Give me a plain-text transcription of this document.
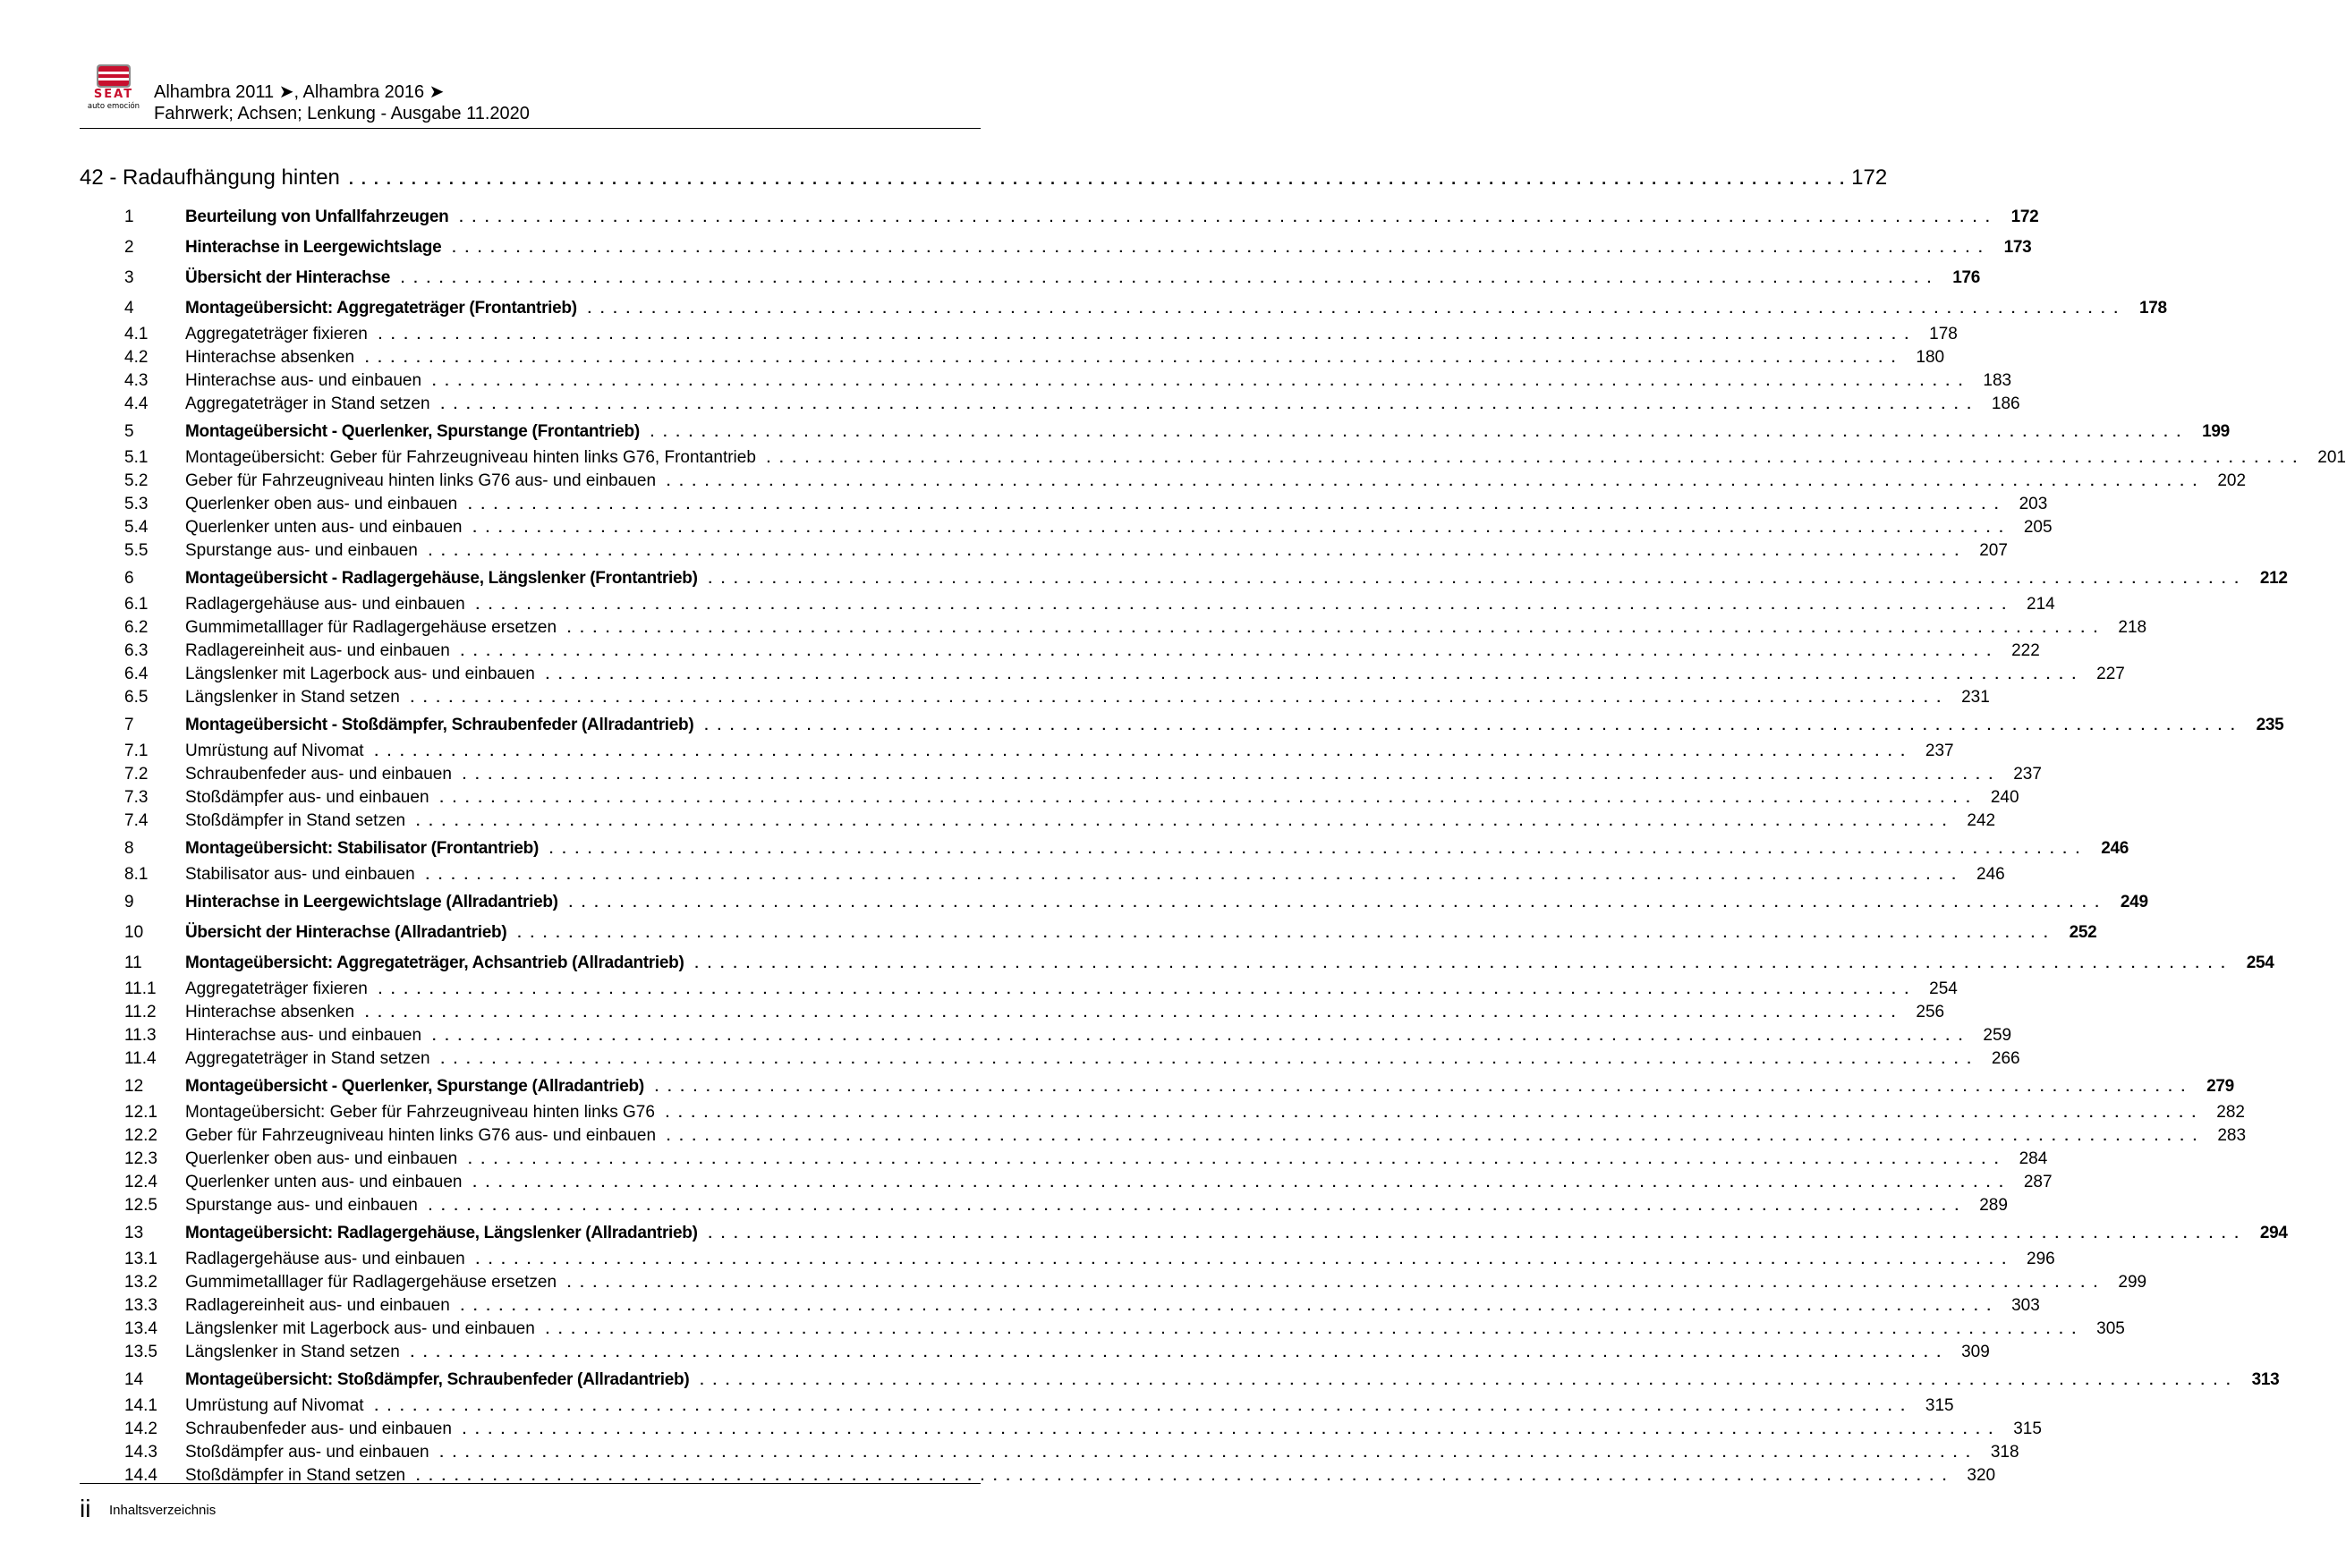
SEAT
auto emoción
Alhambra 2011 ➤, Alhambra 2016 ➤
Fahrwerk; Achsen; Lenkung - Ausgabe 11.2020
42 - Radaufhängung hinten . . . . . . . . . . . . . . . . . . . . . . . . . . . . . . . . . . . . . . . . . . . . . . . . . . . . . . . . . . . . . . . . . . . . . . . . . . . . . . . . . . . . . . . . . . . . . . . . . . . . . . . . . . . . . . . . . . . . . . . . 172
1	Beurteilung von Unfallfahrzeugen . . . . . . . . . . . . . . . . . . . . . . . . . . . . . . . . . . . . . . . . . . . . . . . . . . . . . . . . . . . . . . . . . . . . . . . . . . . . . . . . . . . . . . . . . . . . . . . . . . . . . . . . . . . . . . . . . . . . . . . . 172
2	Hinterachse in Leergewichtslage . . . . . . . . . . . . . . . . . . . . . . . . . . . . . . . . . . . . . . . . . . . . . . . . . . . . . . . . . . . . . . . . . . . . . . . . . . . . . . . . . . . . . . . . . . . . . . . . . . . . . . . . . . . . . . . . . . . . . . . . 173
3	Übersicht der Hinterachse . . . . . . . . . . . . . . . . . . . . . . . . . . . . . . . . . . . . . . . . . . . . . . . . . . . . . . . . . . . . . . . . . . . . . . . . . . . . . . . . . . . . . . . . . . . . . . . . . . . . . . . . . . . . . . . . . . . . . . . . 176
4	Montageübersicht: Aggregateträger (Frontantrieb) . . . . . . . . . . . . . . . . . . . . . . . . . . . . . . . . . . . . . . . . . . . . . . . . . . . . . . . . . . . . . . . . . . . . . . . . . . . . . . . . . . . . . . . . . . . . . . . . . . . . . . . . . . . . . . . . . . . . . . . . 178
4.1	Aggregateträger fixieren . . . . . . . . . . . . . . . . . . . . . . . . . . . . . . . . . . . . . . . . . . . . . . . . . . . . . . . . . . . . . . . . . . . . . . . . . . . . . . . . . . . . . . . . . . . . . . . . . . . . . . . . . . . . . . . . . . . . . . . . 178
4.2	Hinterachse absenken . . . . . . . . . . . . . . . . . . . . . . . . . . . . . . . . . . . . . . . . . . . . . . . . . . . . . . . . . . . . . . . . . . . . . . . . . . . . . . . . . . . . . . . . . . . . . . . . . . . . . . . . . . . . . . . . . . . . . . . . 180
4.3	Hinterachse aus- und einbauen . . . . . . . . . . . . . . . . . . . . . . . . . . . . . . . . . . . . . . . . . . . . . . . . . . . . . . . . . . . . . . . . . . . . . . . . . . . . . . . . . . . . . . . . . . . . . . . . . . . . . . . . . . . . . . . . . . . . . . . . 183
4.4	Aggregateträger in Stand setzen . . . . . . . . . . . . . . . . . . . . . . . . . . . . . . . . . . . . . . . . . . . . . . . . . . . . . . . . . . . . . . . . . . . . . . . . . . . . . . . . . . . . . . . . . . . . . . . . . . . . . . . . . . . . . . . . . . . . . . . . 186
5	Montageübersicht - Querlenker, Spurstange (Frontantrieb) . . . . . . . . . . . . . . . . . . . . . . . . . . . . . . . . . . . . . . . . . . . . . . . . . . . . . . . . . . . . . . . . . . . . . . . . . . . . . . . . . . . . . . . . . . . . . . . . . . . . . . . . . . . . . . . . . . . . . . . . 199
5.1	Montageübersicht: Geber für Fahrzeugniveau hinten links G76, Frontantrieb . . . . . . . . . . . . . . . . . . . . . . . . . . . . . . . . . . . . . . . . . . . . . . . . . . . . . . . . . . . . . . . . . . . . . . . . . . . . . . . . . . . . . . . . . . . . . . . . . . . . . . . . . . . . . . . . . . . . . . . . 201
5.2	Geber für Fahrzeugniveau hinten links G76 aus- und einbauen . . . . . . . . . . . . . . . . . . . . . . . . . . . . . . . . . . . . . . . . . . . . . . . . . . . . . . . . . . . . . . . . . . . . . . . . . . . . . . . . . . . . . . . . . . . . . . . . . . . . . . . . . . . . . . . . . . . . . . . . 202
5.3	Querlenker oben aus- und einbauen . . . . . . . . . . . . . . . . . . . . . . . . . . . . . . . . . . . . . . . . . . . . . . . . . . . . . . . . . . . . . . . . . . . . . . . . . . . . . . . . . . . . . . . . . . . . . . . . . . . . . . . . . . . . . . . . . . . . . . . . 203
5.4	Querlenker unten aus- und einbauen . . . . . . . . . . . . . . . . . . . . . . . . . . . . . . . . . . . . . . . . . . . . . . . . . . . . . . . . . . . . . . . . . . . . . . . . . . . . . . . . . . . . . . . . . . . . . . . . . . . . . . . . . . . . . . . . . . . . . . . . 205
5.5	Spurstange aus- und einbauen . . . . . . . . . . . . . . . . . . . . . . . . . . . . . . . . . . . . . . . . . . . . . . . . . . . . . . . . . . . . . . . . . . . . . . . . . . . . . . . . . . . . . . . . . . . . . . . . . . . . . . . . . . . . . . . . . . . . . . . . 207
6	Montageübersicht - Radlagergehäuse, Längslenker (Frontantrieb) . . . . . . . . . . . . . . . . . . . . . . . . . . . . . . . . . . . . . . . . . . . . . . . . . . . . . . . . . . . . . . . . . . . . . . . . . . . . . . . . . . . . . . . . . . . . . . . . . . . . . . . . . . . . . . . . . . . . . . . . 212
6.1	Radlagergehäuse aus- und einbauen . . . . . . . . . . . . . . . . . . . . . . . . . . . . . . . . . . . . . . . . . . . . . . . . . . . . . . . . . . . . . . . . . . . . . . . . . . . . . . . . . . . . . . . . . . . . . . . . . . . . . . . . . . . . . . . . . . . . . . . . 214
6.2	Gummimetalllager für Radlagergehäuse ersetzen . . . . . . . . . . . . . . . . . . . . . . . . . . . . . . . . . . . . . . . . . . . . . . . . . . . . . . . . . . . . . . . . . . . . . . . . . . . . . . . . . . . . . . . . . . . . . . . . . . . . . . . . . . . . . . . . . . . . . . . . 218
6.3	Radlagereinheit aus- und einbauen . . . . . . . . . . . . . . . . . . . . . . . . . . . . . . . . . . . . . . . . . . . . . . . . . . . . . . . . . . . . . . . . . . . . . . . . . . . . . . . . . . . . . . . . . . . . . . . . . . . . . . . . . . . . . . . . . . . . . . . . 222
6.4	Längslenker mit Lagerbock aus- und einbauen . . . . . . . . . . . . . . . . . . . . . . . . . . . . . . . . . . . . . . . . . . . . . . . . . . . . . . . . . . . . . . . . . . . . . . . . . . . . . . . . . . . . . . . . . . . . . . . . . . . . . . . . . . . . . . . . . . . . . . . . 227
6.5	Längslenker in Stand setzen . . . . . . . . . . . . . . . . . . . . . . . . . . . . . . . . . . . . . . . . . . . . . . . . . . . . . . . . . . . . . . . . . . . . . . . . . . . . . . . . . . . . . . . . . . . . . . . . . . . . . . . . . . . . . . . . . . . . . . . . 231
7	Montageübersicht - Stoßdämpfer, Schraubenfeder (Allradantrieb) . . . . . . . . . . . . . . . . . . . . . . . . . . . . . . . . . . . . . . . . . . . . . . . . . . . . . . . . . . . . . . . . . . . . . . . . . . . . . . . . . . . . . . . . . . . . . . . . . . . . . . . . . . . . . . . . . . . . . . . . 235
7.1	Umrüstung auf Nivomat . . . . . . . . . . . . . . . . . . . . . . . . . . . . . . . . . . . . . . . . . . . . . . . . . . . . . . . . . . . . . . . . . . . . . . . . . . . . . . . . . . . . . . . . . . . . . . . . . . . . . . . . . . . . . . . . . . . . . . . . 237
7.2	Schraubenfeder aus- und einbauen . . . . . . . . . . . . . . . . . . . . . . . . . . . . . . . . . . . . . . . . . . . . . . . . . . . . . . . . . . . . . . . . . . . . . . . . . . . . . . . . . . . . . . . . . . . . . . . . . . . . . . . . . . . . . . . . . . . . . . . . 237
7.3	Stoßdämpfer aus- und einbauen . . . . . . . . . . . . . . . . . . . . . . . . . . . . . . . . . . . . . . . . . . . . . . . . . . . . . . . . . . . . . . . . . . . . . . . . . . . . . . . . . . . . . . . . . . . . . . . . . . . . . . . . . . . . . . . . . . . . . . . . 240
7.4	Stoßdämpfer in Stand setzen . . . . . . . . . . . . . . . . . . . . . . . . . . . . . . . . . . . . . . . . . . . . . . . . . . . . . . . . . . . . . . . . . . . . . . . . . . . . . . . . . . . . . . . . . . . . . . . . . . . . . . . . . . . . . . . . . . . . . . . . 242
8	Montageübersicht: Stabilisator (Frontantrieb) . . . . . . . . . . . . . . . . . . . . . . . . . . . . . . . . . . . . . . . . . . . . . . . . . . . . . . . . . . . . . . . . . . . . . . . . . . . . . . . . . . . . . . . . . . . . . . . . . . . . . . . . . . . . . . . . . . . . . . . . 246
8.1	Stabilisator aus- und einbauen . . . . . . . . . . . . . . . . . . . . . . . . . . . . . . . . . . . . . . . . . . . . . . . . . . . . . . . . . . . . . . . . . . . . . . . . . . . . . . . . . . . . . . . . . . . . . . . . . . . . . . . . . . . . . . . . . . . . . . . . 246
9	Hinterachse in Leergewichtslage (Allradantrieb) . . . . . . . . . . . . . . . . . . . . . . . . . . . . . . . . . . . . . . . . . . . . . . . . . . . . . . . . . . . . . . . . . . . . . . . . . . . . . . . . . . . . . . . . . . . . . . . . . . . . . . . . . . . . . . . . . . . . . . . . 249
10	Übersicht der Hinterachse (Allradantrieb) . . . . . . . . . . . . . . . . . . . . . . . . . . . . . . . . . . . . . . . . . . . . . . . . . . . . . . . . . . . . . . . . . . . . . . . . . . . . . . . . . . . . . . . . . . . . . . . . . . . . . . . . . . . . . . . . . . . . . . . . 252
11	Montageübersicht: Aggregateträger, Achsantrieb (Allradantrieb) . . . . . . . . . . . . . . . . . . . . . . . . . . . . . . . . . . . . . . . . . . . . . . . . . . . . . . . . . . . . . . . . . . . . . . . . . . . . . . . . . . . . . . . . . . . . . . . . . . . . . . . . . . . . . . . . . . . . . . . . 254
11.1	Aggregateträger fixieren . . . . . . . . . . . . . . . . . . . . . . . . . . . . . . . . . . . . . . . . . . . . . . . . . . . . . . . . . . . . . . . . . . . . . . . . . . . . . . . . . . . . . . . . . . . . . . . . . . . . . . . . . . . . . . . . . . . . . . . . 254
11.2	Hinterachse absenken . . . . . . . . . . . . . . . . . . . . . . . . . . . . . . . . . . . . . . . . . . . . . . . . . . . . . . . . . . . . . . . . . . . . . . . . . . . . . . . . . . . . . . . . . . . . . . . . . . . . . . . . . . . . . . . . . . . . . . . . 256
11.3	Hinterachse aus- und einbauen . . . . . . . . . . . . . . . . . . . . . . . . . . . . . . . . . . . . . . . . . . . . . . . . . . . . . . . . . . . . . . . . . . . . . . . . . . . . . . . . . . . . . . . . . . . . . . . . . . . . . . . . . . . . . . . . . . . . . . . . 259
11.4	Aggregateträger in Stand setzen . . . . . . . . . . . . . . . . . . . . . . . . . . . . . . . . . . . . . . . . . . . . . . . . . . . . . . . . . . . . . . . . . . . . . . . . . . . . . . . . . . . . . . . . . . . . . . . . . . . . . . . . . . . . . . . . . . . . . . . . 266
12	Montageübersicht - Querlenker, Spurstange (Allradantrieb) . . . . . . . . . . . . . . . . . . . . . . . . . . . . . . . . . . . . . . . . . . . . . . . . . . . . . . . . . . . . . . . . . . . . . . . . . . . . . . . . . . . . . . . . . . . . . . . . . . . . . . . . . . . . . . . . . . . . . . . . 279
12.1	Montageübersicht: Geber für Fahrzeugniveau hinten links G76 . . . . . . . . . . . . . . . . . . . . . . . . . . . . . . . . . . . . . . . . . . . . . . . . . . . . . . . . . . . . . . . . . . . . . . . . . . . . . . . . . . . . . . . . . . . . . . . . . . . . . . . . . . . . . . . . . . . . . . . . 282
12.2	Geber für Fahrzeugniveau hinten links G76 aus- und einbauen . . . . . . . . . . . . . . . . . . . . . . . . . . . . . . . . . . . . . . . . . . . . . . . . . . . . . . . . . . . . . . . . . . . . . . . . . . . . . . . . . . . . . . . . . . . . . . . . . . . . . . . . . . . . . . . . . . . . . . . . 283
12.3	Querlenker oben aus- und einbauen . . . . . . . . . . . . . . . . . . . . . . . . . . . . . . . . . . . . . . . . . . . . . . . . . . . . . . . . . . . . . . . . . . . . . . . . . . . . . . . . . . . . . . . . . . . . . . . . . . . . . . . . . . . . . . . . . . . . . . . . 284
12.4	Querlenker unten aus- und einbauen . . . . . . . . . . . . . . . . . . . . . . . . . . . . . . . . . . . . . . . . . . . . . . . . . . . . . . . . . . . . . . . . . . . . . . . . . . . . . . . . . . . . . . . . . . . . . . . . . . . . . . . . . . . . . . . . . . . . . . . . 287
12.5	Spurstange aus- und einbauen . . . . . . . . . . . . . . . . . . . . . . . . . . . . . . . . . . . . . . . . . . . . . . . . . . . . . . . . . . . . . . . . . . . . . . . . . . . . . . . . . . . . . . . . . . . . . . . . . . . . . . . . . . . . . . . . . . . . . . . . 289
13	Montageübersicht: Radlagergehäuse, Längslenker (Allradantrieb) . . . . . . . . . . . . . . . . . . . . . . . . . . . . . . . . . . . . . . . . . . . . . . . . . . . . . . . . . . . . . . . . . . . . . . . . . . . . . . . . . . . . . . . . . . . . . . . . . . . . . . . . . . . . . . . . . . . . . . . . 294
13.1	Radlagergehäuse aus- und einbauen . . . . . . . . . . . . . . . . . . . . . . . . . . . . . . . . . . . . . . . . . . . . . . . . . . . . . . . . . . . . . . . . . . . . . . . . . . . . . . . . . . . . . . . . . . . . . . . . . . . . . . . . . . . . . . . . . . . . . . . . 296
13.2	Gummimetalllager für Radlagergehäuse ersetzen . . . . . . . . . . . . . . . . . . . . . . . . . . . . . . . . . . . . . . . . . . . . . . . . . . . . . . . . . . . . . . . . . . . . . . . . . . . . . . . . . . . . . . . . . . . . . . . . . . . . . . . . . . . . . . . . . . . . . . . . 299
13.3	Radlagereinheit aus- und einbauen . . . . . . . . . . . . . . . . . . . . . . . . . . . . . . . . . . . . . . . . . . . . . . . . . . . . . . . . . . . . . . . . . . . . . . . . . . . . . . . . . . . . . . . . . . . . . . . . . . . . . . . . . . . . . . . . . . . . . . . . 303
13.4	Längslenker mit Lagerbock aus- und einbauen . . . . . . . . . . . . . . . . . . . . . . . . . . . . . . . . . . . . . . . . . . . . . . . . . . . . . . . . . . . . . . . . . . . . . . . . . . . . . . . . . . . . . . . . . . . . . . . . . . . . . . . . . . . . . . . . . . . . . . . . 305
13.5	Längslenker in Stand setzen . . . . . . . . . . . . . . . . . . . . . . . . . . . . . . . . . . . . . . . . . . . . . . . . . . . . . . . . . . . . . . . . . . . . . . . . . . . . . . . . . . . . . . . . . . . . . . . . . . . . . . . . . . . . . . . . . . . . . . . . 309
14	Montageübersicht: Stoßdämpfer, Schraubenfeder (Allradantrieb) . . . . . . . . . . . . . . . . . . . . . . . . . . . . . . . . . . . . . . . . . . . . . . . . . . . . . . . . . . . . . . . . . . . . . . . . . . . . . . . . . . . . . . . . . . . . . . . . . . . . . . . . . . . . . . . . . . . . . . . . 313
14.1	Umrüstung auf Nivomat . . . . . . . . . . . . . . . . . . . . . . . . . . . . . . . . . . . . . . . . . . . . . . . . . . . . . . . . . . . . . . . . . . . . . . . . . . . . . . . . . . . . . . . . . . . . . . . . . . . . . . . . . . . . . . . . . . . . . . . . 315
14.2	Schraubenfeder aus- und einbauen . . . . . . . . . . . . . . . . . . . . . . . . . . . . . . . . . . . . . . . . . . . . . . . . . . . . . . . . . . . . . . . . . . . . . . . . . . . . . . . . . . . . . . . . . . . . . . . . . . . . . . . . . . . . . . . . . . . . . . . . 315
14.3	Stoßdämpfer aus- und einbauen . . . . . . . . . . . . . . . . . . . . . . . . . . . . . . . . . . . . . . . . . . . . . . . . . . . . . . . . . . . . . . . . . . . . . . . . . . . . . . . . . . . . . . . . . . . . . . . . . . . . . . . . . . . . . . . . . . . . . . . . 318
14.4	Stoßdämpfer in Stand setzen . . . . . . . . . . . . . . . . . . . . . . . . . . . . . . . . . . . . . . . . . . . . . . . . . . . . . . . . . . . . . . . . . . . . . . . . . . . . . . . . . . . . . . . . . . . . . . . . . . . . . . . . . . . . . . . . . . . . . . . . 320
ii Inhaltsverzeichnis
